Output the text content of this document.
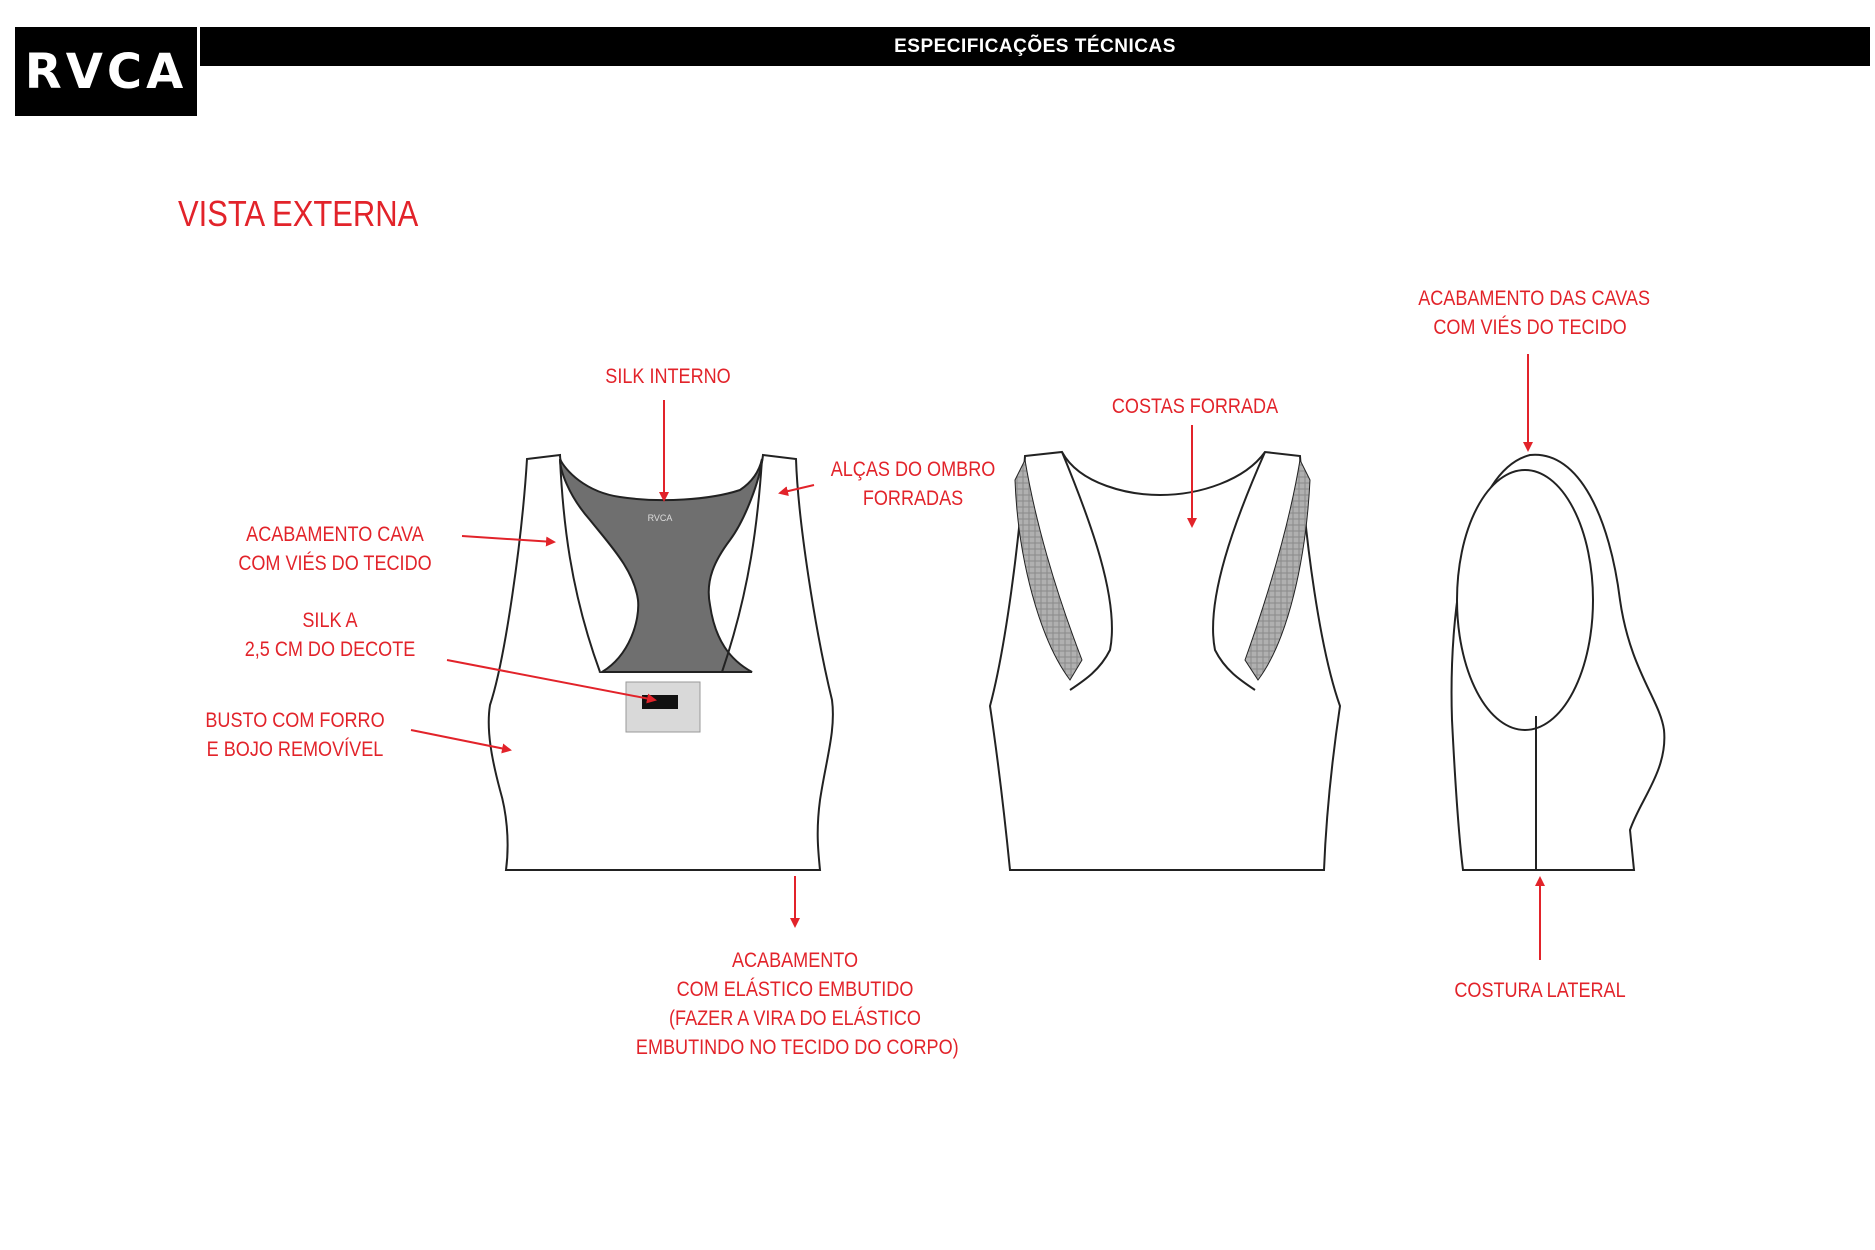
RVCA	ESPECIFICAÇÕES TÉCNICAS
VISTA EXTERNA
RVCA
SILK INTERNO
ALÇAS DO OMBRO
FORRADAS
ACABAMENTO CAVA
COM VIÉS DO TECIDO
SILK A
2,5 CM DO DECOTE
BUSTO COM FORRO
E BOJO REMOVÍVEL
ACABAMENTO
COM ELÁSTICO EMBUTIDO
(FAZER A VIRA DO ELÁSTICO
EMBUTINDO NO TECIDO DO CORPO)
COSTAS FORRADA
ACABAMENTO DAS CAVAS
COM VIÉS DO TECIDO
COSTURA LATERAL
